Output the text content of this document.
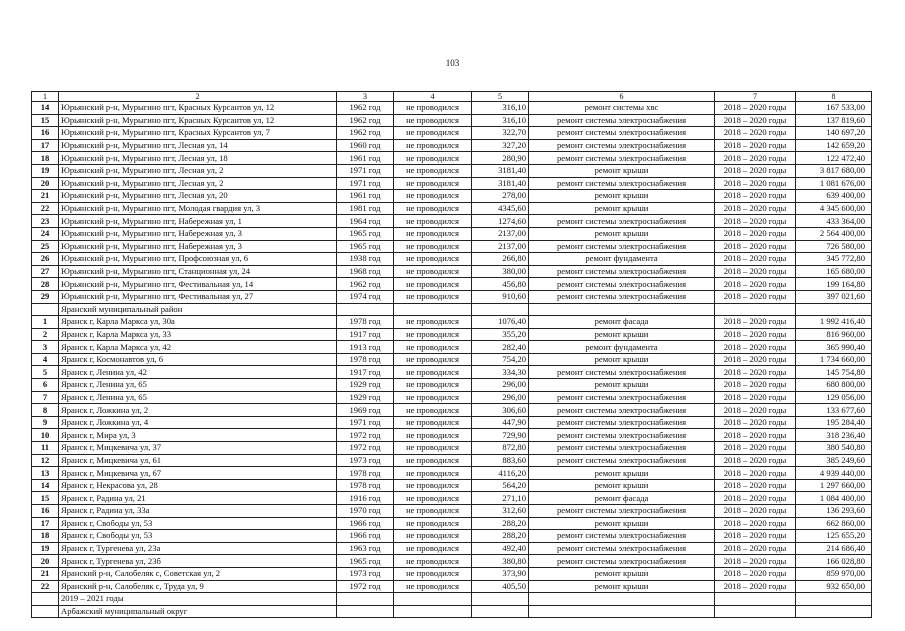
103
1	2	3	4	5	6	7	8
14	Юрьянский р-н, Мурыгино пгт, Красных Курсантов ул, 12	1962 год	не проводился	316,10	ремонт системы хвс	2018 – 2020 годы	167 533,00
15	Юрьянский р-н, Мурыгино пгт, Красных Курсантов ул, 12	1962 год	не проводился	316,10	ремонт системы электроснабжения	2018 – 2020 годы	137 819,60
16	Юрьянский р-н, Мурыгино пгт, Красных Курсантов ул, 7	1962 год	не проводился	322,70	ремонт системы электроснабжения	2018 – 2020 годы	140 697,20
17	Юрьянский р-н, Мурыгино пгт, Лесная ул, 14	1960 год	не проводился	327,20	ремонт системы электроснабжения	2018 – 2020 годы	142 659,20
18	Юрьянский р-н, Мурыгино пгт, Лесная ул, 18	1961 год	не проводился	280,90	ремонт системы электроснабжения	2018 – 2020 годы	122 472,40
19	Юрьянский р-н, Мурыгино пгт, Лесная ул, 2	1971 год	не проводился	3181,40	ремонт крыши	2018 – 2020 годы	3 817 680,00
20	Юрьянский р-н, Мурыгино пгт, Лесная ул, 2	1971 год	не проводился	3181,40	ремонт системы электроснабжения	2018 – 2020 годы	1 081 676,00
21	Юрьянский р-н, Мурыгино пгт, Лесная ул, 20	1961 год	не проводился	278,00	ремонт крыши	2018 – 2020 годы	639 400,00
22	Юрьянский р-н, Мурыгино пгт, Молодая гвардия ул, 3	1981 год	не проводился	4345,60	ремонт крыши	2018 – 2020 годы	4 345 600,00
23	Юрьянский р-н, Мурыгино пгт, Набережная ул, 1	1964 год	не проводился	1274,60	ремонт системы электроснабжения	2018 – 2020 годы	433 364,00
24	Юрьянский р-н, Мурыгино пгт, Набережная ул, 3	1965 год	не проводился	2137,00	ремонт крыши	2018 – 2020 годы	2 564 400,00
25	Юрьянский р-н, Мурыгино пгт, Набережная ул, 3	1965 год	не проводился	2137,00	ремонт системы электроснабжения	2018 – 2020 годы	726 580,00
26	Юрьянский р-н, Мурыгино пгт, Профсоюзная ул, 6	1938 год	не проводился	266,80	ремонт фундамента	2018 – 2020 годы	345 772,80
27	Юрьянский р-н, Мурыгино пгт, Станционная ул, 24	1968 год	не проводился	380,00	ремонт системы электроснабжения	2018 – 2020 годы	165 680,00
28	Юрьянский р-н, Мурыгино пгт, Фестивальная ул, 14	1962 год	не проводился	456,80	ремонт системы электроснабжения	2018 – 2020 годы	199 164,80
29	Юрьянский р-н, Мурыгино пгт, Фестивальная ул, 27	1974 год	не проводился	910,60	ремонт системы электроснабжения	2018 – 2020 годы	397 021,60
	Яранский муниципальный район						
1	Яранск г, Карла Маркса ул, 30а	1978 год	не проводился	1076,40	ремонт фасада	2018 – 2020 годы	1 992 416,40
2	Яранск г, Карла Маркса ул, 33	1917 год	не проводился	355,20	ремонт крыши	2018 – 2020 годы	816 960,00
3	Яранск г, Карла Маркса ул, 42	1913 год	не проводился	282,40	ремонт фундамента	2018 – 2020 годы	365 990,40
4	Яранск г, Космонавтов ул, 6	1978 год	не проводился	754,20	ремонт крыши	2018 – 2020 годы	1 734 660,00
5	Яранск г, Ленина ул, 42	1917 год	не проводился	334,30	ремонт системы электроснабжения	2018 – 2020 годы	145 754,80
6	Яранск г, Ленина ул, 65	1929 год	не проводился	296,00	ремонт крыши	2018 – 2020 годы	680 800,00
7	Яранск г, Ленина ул, 65	1929 год	не проводился	296,00	ремонт системы электроснабжения	2018 – 2020 годы	129 056,00
8	Яранск г, Ложкина ул, 2	1969 год	не проводился	306,60	ремонт системы электроснабжения	2018 – 2020 годы	133 677,60
9	Яранск г, Ложкина ул, 4	1971 год	не проводился	447,90	ремонт системы электроснабжения	2018 – 2020 годы	195 284,40
10	Яранск г, Мира ул, 3	1972 год	не проводился	729,90	ремонт системы электроснабжения	2018 – 2020 годы	318 236,40
11	Яранск г, Мицкевича ул, 37	1972 год	не проводился	872,80	ремонт системы электроснабжения	2018 – 2020 годы	380 540,80
12	Яранск г, Мицкевича ул, 61	1973 год	не проводился	883,60	ремонт системы электроснабжения	2018 – 2020 годы	385 249,60
13	Яранск г, Мицкевича ул, 67	1978 год	не проводился	4116,20	ремонт крыши	2018 – 2020 годы	4 939 440,00
14	Яранск г, Некрасова ул, 28	1978 год	не проводился	564,20	ремонт крыши	2018 – 2020 годы	1 297 660,00
15	Яранск г, Радина ул, 21	1916 год	не проводился	271,10	ремонт фасада	2018 – 2020 годы	1 084 400,00
16	Яранск г, Радина ул, 33а	1970 год	не проводился	312,60	ремонт системы электроснабжения	2018 – 2020 годы	136 293,60
17	Яранск г, Свободы ул, 53	1966 год	не проводился	288,20	ремонт крыши	2018 – 2020 годы	662 860,00
18	Яранск г, Свободы ул, 53	1966 год	не проводился	288,20	ремонт системы электроснабжения	2018 – 2020 годы	125 655,20
19	Яранск г, Тургенева ул, 23а	1963 год	не проводился	492,40	ремонт системы электроснабжения	2018 – 2020 годы	214 686,40
20	Яранск г, Тургенева ул, 23б	1965 год	не проводился	380,80	ремонт системы электроснабжения	2018 – 2020 годы	166 028,80
21	Яранский р-н, Салобеляк с, Советская ул, 2	1973 год	не проводился	373,90	ремонт крыши	2018 – 2020 годы	859 970,00
22	Яранский р-н, Салобеляк с, Труда ул, 9	1972 год	не проводился	405,50	ремонт крыши	2018 – 2020 годы	932 650,00
	2019 – 2021 годы						
	Арбажский муниципальный округ						
